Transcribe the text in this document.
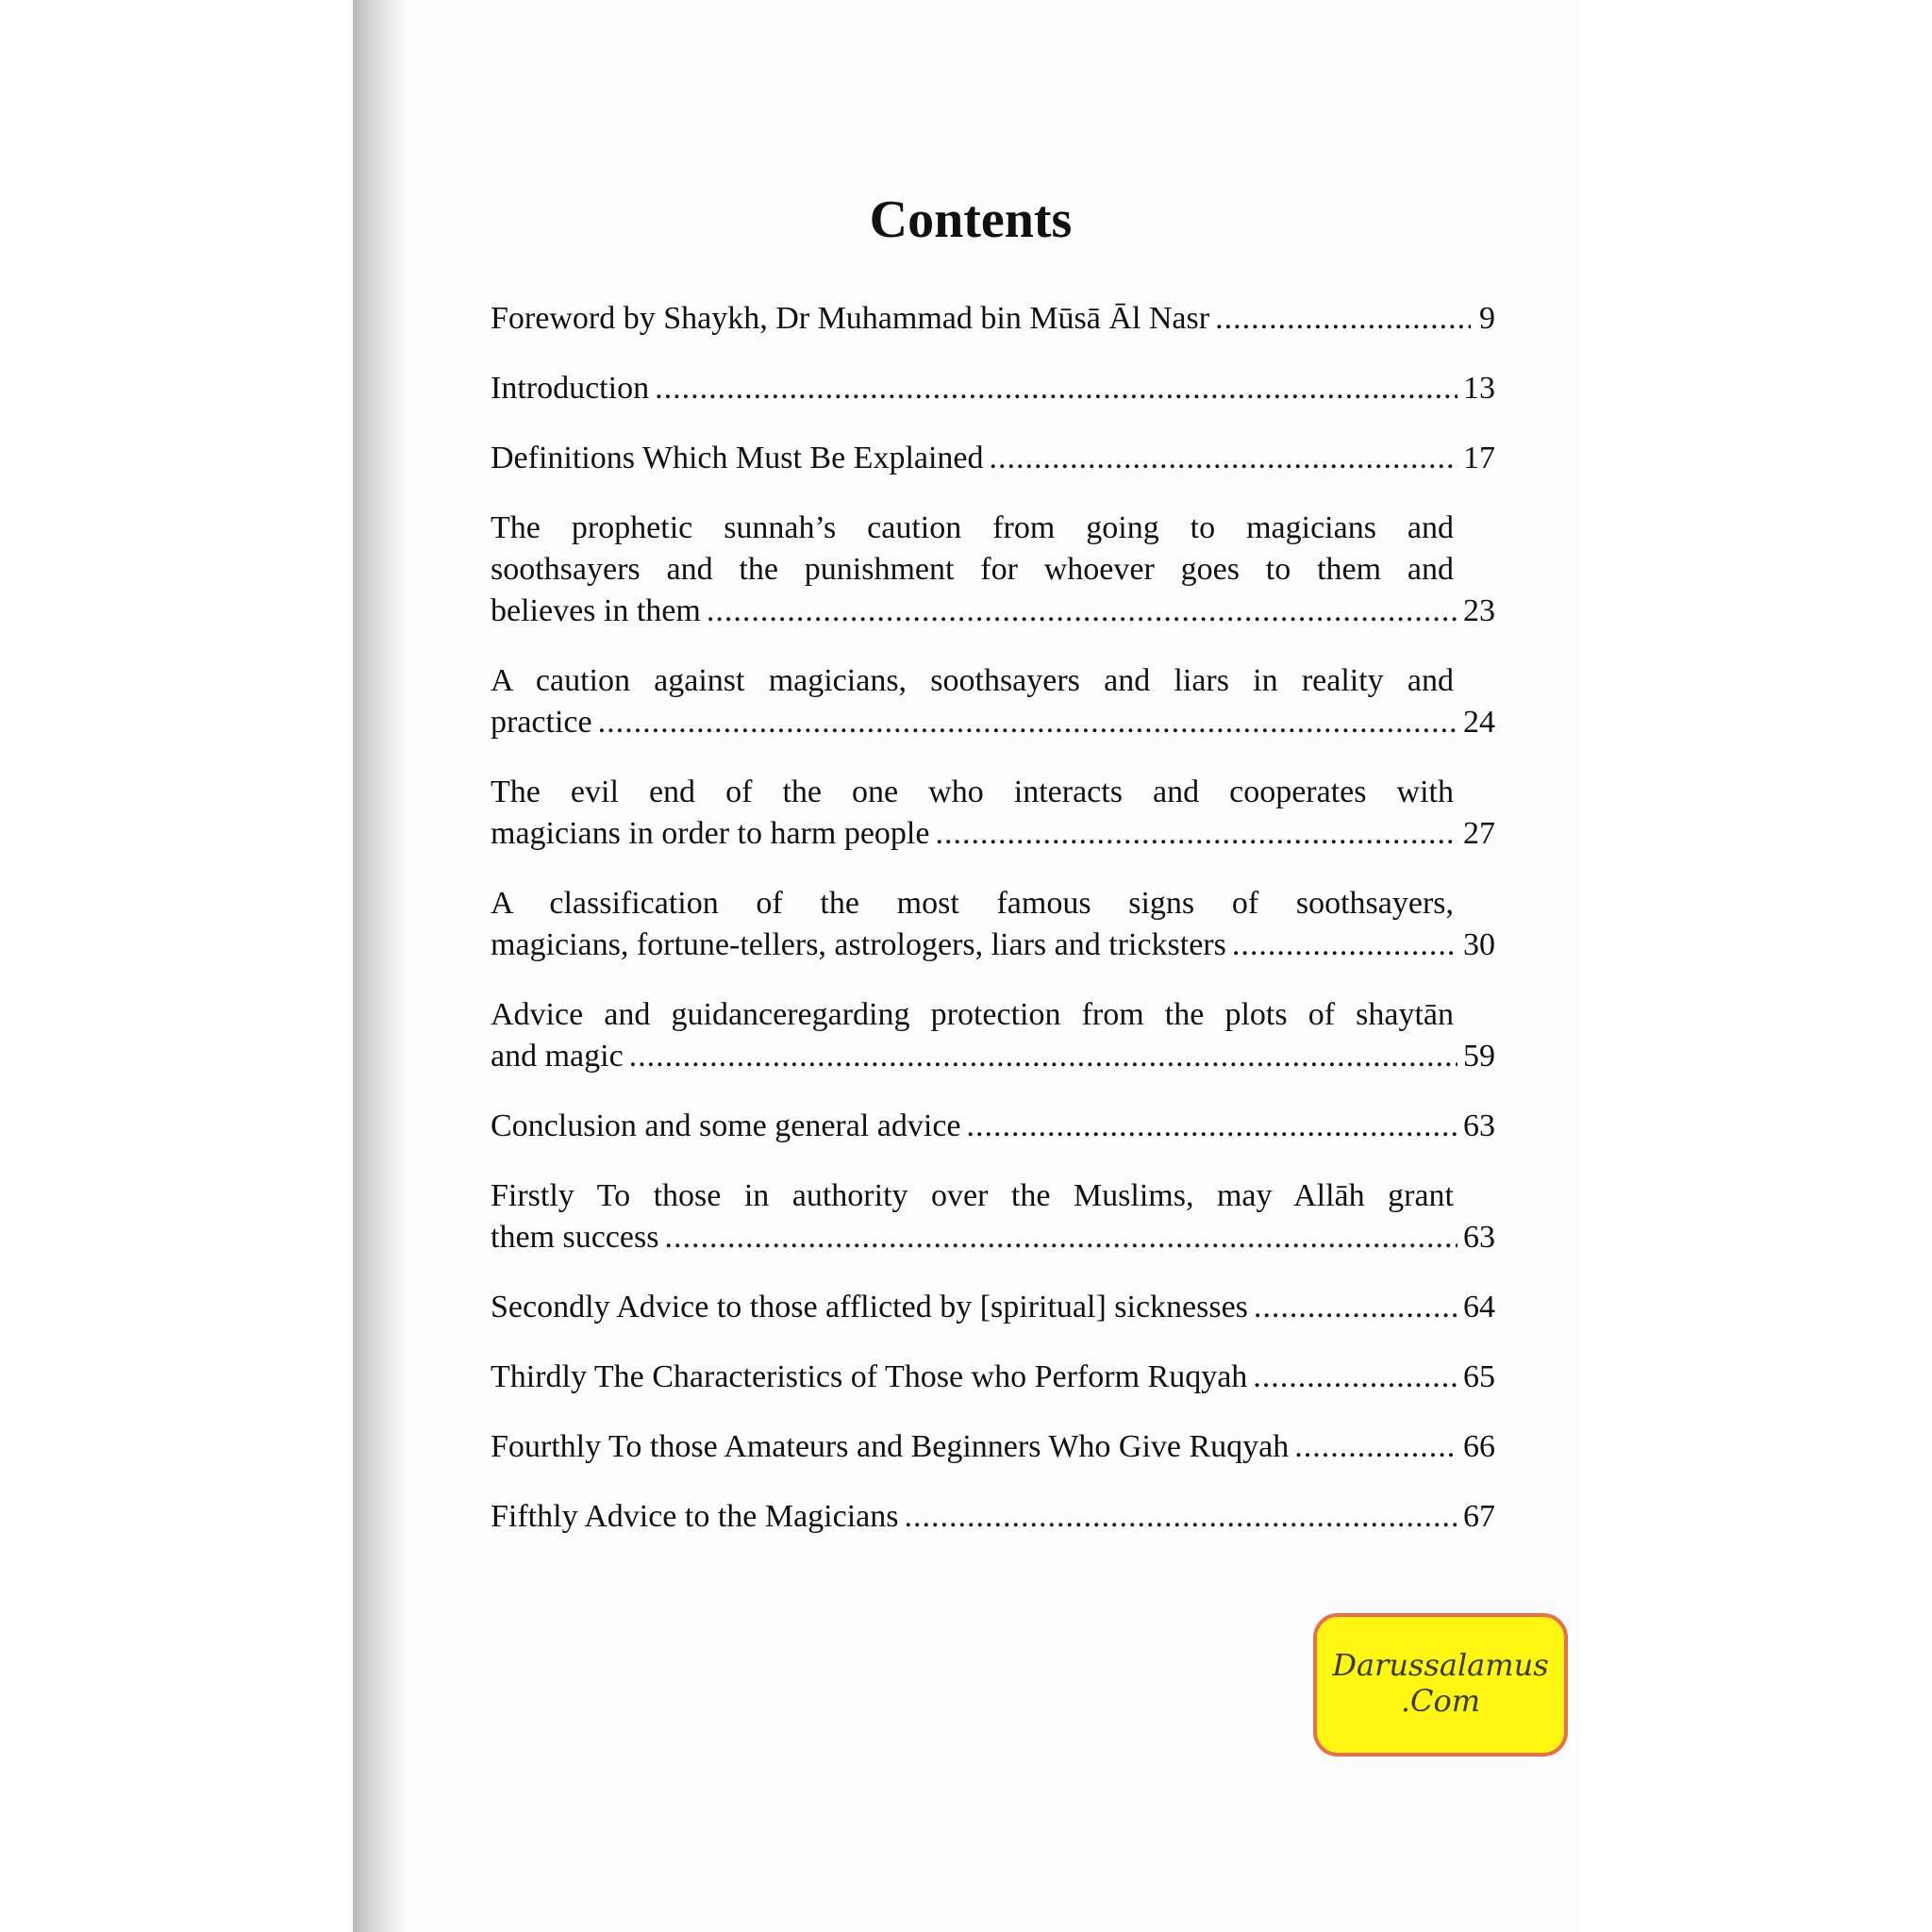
Contents
Foreword by Shaykh, Dr Muhammad bin Mūsā Āl Nasr .....	9
Introduction .....	13
Definitions Which Must Be Explained .....	17
The prophetic sunnah’s caution from going to magicians and
soothsayers and the punishment for whoever goes to them and
believes in them .....	23
A caution against magicians, soothsayers and liars in reality and
practice .....	24
The evil end of the one who interacts and cooperates with
magicians in order to harm people .....	27
A classification of the most famous signs of soothsayers,
magicians, fortune-tellers, astrologers, liars and tricksters .....	30
Advice and guidanceregarding protection from the plots of shaytān
and magic .....	59
Conclusion and some general advice .....	63
Firstly To those in authority over the Muslims, may Allāh grant
them success .....	63
Secondly Advice to those afflicted by [spiritual] sicknesses .....	64
Thirdly The Characteristics of Those who Perform Ruqyah .....	65
Fourthly To those Amateurs and Beginners Who Give Ruqyah .....	66
Fifthly Advice to the Magicians .....	67
Darussalamus
.Com
